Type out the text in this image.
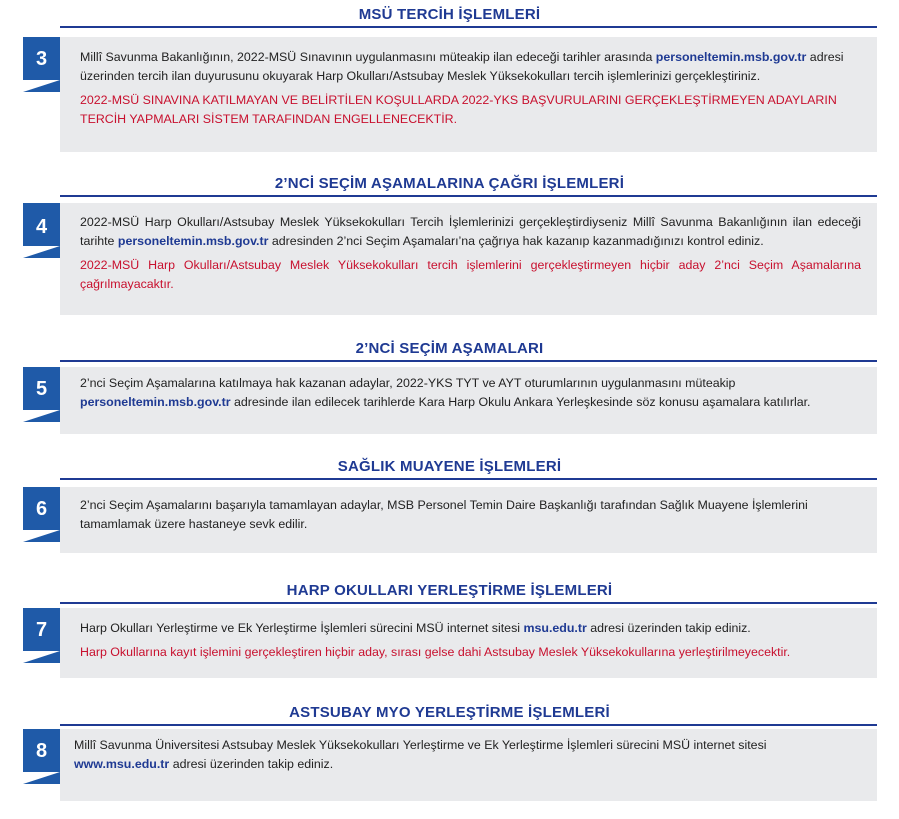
MSÜ TERCİH İŞLEMLERİ
3	Millî Savunma Bakanlığının, 2022-MSÜ Sınavının uygulanmasını müteakip ilan edeceği tarihler arasında personeltemin.msb.gov.tr adresi üzerinden tercih ilan duyurusunu okuyarak Harp Okulları/Astsubay Meslek Yüksekokulları tercih işlemlerinizi gerçekleştiriniz.

2022-MSÜ SINAVINA KATILMAYAN VE BELİRTİLEN KOŞULLARDA 2022-YKS BAŞVURULARINI GERÇEKLEŞTİRMEYEN ADAYLARIN TERCİH YAPMALARI SİSTEM TARAFINDAN ENGELLENECEKTİR.

2’NCİ SEÇİM AŞAMALARINA ÇAĞRI İŞLEMLERİ
4	2022-MSÜ Harp Okulları/Astsubay Meslek Yüksekokulları Tercih İşlemlerinizi gerçekleştirdiyseniz Millî Savunma Bakanlığının ilan edeceği tarihte personeltemin.msb.gov.tr adresinden 2’nci Seçim Aşamaları’na çağrıya hak kazanıp kazanmadığınızı kontrol ediniz.

2022-MSÜ Harp Okulları/Astsubay Meslek Yüksekokulları tercih işlemlerini gerçekleştirmeyen hiçbir aday 2’nci Seçim Aşamalarına çağrılmayacaktır.

2’NCİ SEÇİM AŞAMALARI
5	2’nci Seçim Aşamalarına katılmaya hak kazanan adaylar, 2022-YKS TYT ve AYT oturumlarının uygulanmasını müteakip personeltemin.msb.gov.tr adresinde ilan edilecek tarihlerde Kara Harp Okulu Ankara Yerleşkesinde söz konusu aşamalara katılırlar.

SAĞLIK MUAYENE İŞLEMLERİ
6	2’nci Seçim Aşamalarını başarıyla tamamlayan adaylar, MSB Personel Temin Daire Başkanlığı tarafından Sağlık Muayene İşlemlerini tamamlamak üzere hastaneye sevk edilir.

HARP OKULLARI YERLEŞTİRME İŞLEMLERİ
7	Harp Okulları Yerleştirme ve Ek Yerleştirme İşlemleri sürecini MSÜ internet sitesi msu.edu.tr adresi üzerinden takip ediniz.

Harp Okullarına kayıt işlemini gerçekleştiren hiçbir aday, sırası gelse dahi Astsubay Meslek Yüksekokullarına yerleştirilmeyecektir.

ASTSUBAY MYO YERLEŞTİRME İŞLEMLERİ
8	Millî Savunma Üniversitesi Astsubay Meslek Yüksekokulları Yerleştirme ve Ek Yerleştirme İşlemleri sürecini MSÜ internet sitesi www.msu.edu.tr adresi üzerinden takip ediniz.
